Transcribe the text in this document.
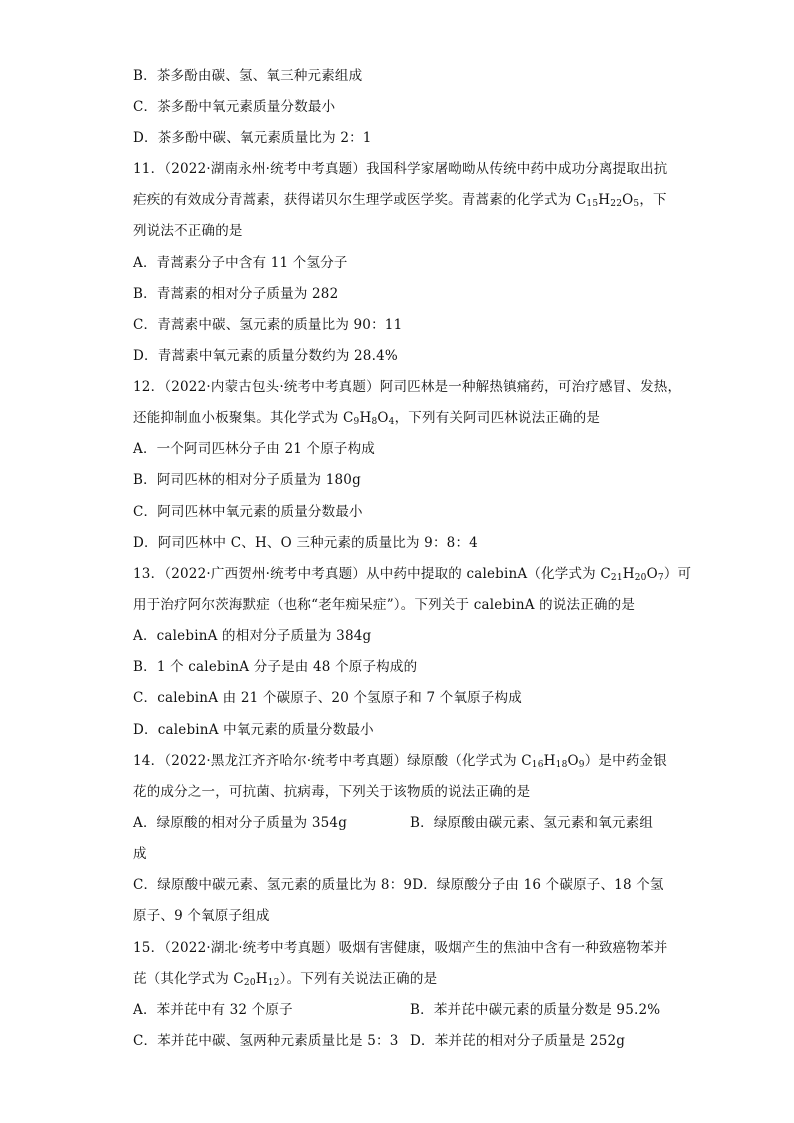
B．茶多酚由碳、氢、氧三种元素组成
C．茶多酚中氧元素质量分数最小
D．茶多酚中碳、氧元素质量比为 2：1
11．（2022·湖南永州·统考中考真题）我国科学家屠呦呦从传统中药中成功分离提取出抗
疟疾的有效成分青蒿素，获得诺贝尔生理学或医学奖。青蒿素的化学式为 $C_{15}H_{22}O_5$，下
列说法不正确的是
A．青蒿素分子中含有 11 个氢分子
B．青蒿素的相对分子质量为 282
C．青蒿素中碳、氢元素的质量比为 90：11
D．青蒿素中氧元素的质量分数约为 28.4%
12．（2022·内蒙古包头·统考中考真题）阿司匹林是一种解热镇痛药，可治疗感冒、发热，
还能抑制血小板聚集。其化学式为 $C_9H_8O_4$，下列有关阿司匹林说法正确的是
A．一个阿司匹林分子由 21 个原子构成
B．阿司匹林的相对分子质量为 180g
C．阿司匹林中氧元素的质量分数最小
D．阿司匹林中 C、H、O 三种元素的质量比为 9：8：4
13．（2022·广西贺州·统考中考真题）从中药中提取的 calebinA（化学式为 $C_{21}H_{20}O_7$）可
用于治疗阿尔茨海默症（也称“老年痴呆症”）。下列关于 calebinA 的说法正确的是
A．calebinA 的相对分子质量为 384g
B．1 个 calebinA 分子是由 48 个原子构成的
C．calebinA 由 21 个碳原子、20 个氢原子和 7 个氧原子构成
D．calebinA 中氧元素的质量分数最小
14．（2022·黑龙江齐齐哈尔·统考中考真题）绿原酸（化学式为 $C_{16}H_{18}O_9$）是中药金银
花的成分之一，可抗菌、抗病毒，下列关于该物质的说法正确的是
A．绿原酸的相对分子质量为 354g	B．绿原酸由碳元素、氢元素和氧元素组
成
C．绿原酸中碳元素、氢元素的质量比为 8：9D．绿原酸分子由 16 个碳原子、18 个氢
原子、9 个氧原子组成
15．（2022·湖北·统考中考真题）吸烟有害健康，吸烟产生的焦油中含有一种致癌物苯并
芘（其化学式为 $C_{20}H_{12}$）。下列有关说法正确的是
A．苯并芘中有 32 个原子	B．苯并芘中碳元素的质量分数是 95.2%
C．苯并芘中碳、氢两种元素质量比是 5：3 D．苯并芘的相对分子质量是 252g
